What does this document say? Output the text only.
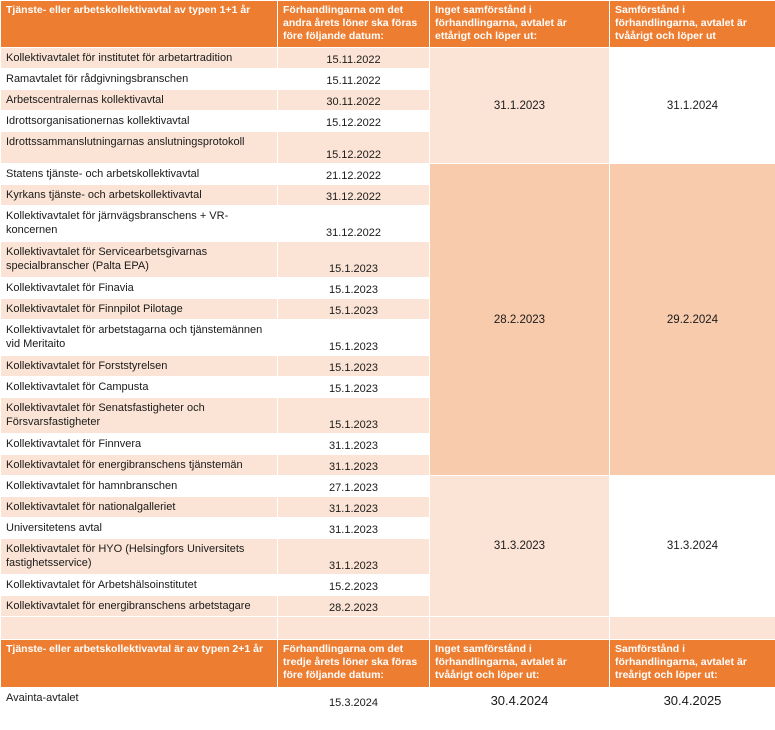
Tjänste- eller arbetskollektivavtal av typen 1+1 år	Förhandlingarna om det andra årets löner ska föras före följande datum:	Inget samförstånd i förhandlingarna, avtalet är ettårigt och löper ut:	Samförstånd i förhandlingarna, avtalet är tvåårigt och löper ut
Kollektivavtalet för institutet för arbetartradition	15.11.2022	31.1.2023	31.1.2024
Ramavtalet för rådgivningsbranschen	15.11.2022		
Arbetscentralernas kollektivavtal	30.11.2022		
Idrottsorganisationernas kollektivavtal	15.12.2022		
Idrottssammanslutningarnas anslutningsprotokoll	15.12.2022		
Statens tjänste- och arbetskollektivavtal	21.12.2022	28.2.2023	29.2.2024
Kyrkans tjänste- och arbetskollektivavtal	31.12.2022		
Kollektivavtalet för järnvägsbranschens + VR-koncernen	31.12.2022		
Kollektivavtalet för Servicearbetsgivarnas specialbranscher (Palta EPA)	15.1.2023		
Kollektivavtalet för Finavia	15.1.2023		
Kollektivavtalet för Finnpilot Pilotage	15.1.2023		
Kollektivavtalet för arbetstagarna och tjänstemännen vid Meritaito	15.1.2023		
Kollektivavtalet för Forststyrelsen	15.1.2023		
Kollektivavtalet för Campusta	15.1.2023		
Kollektivavtalet för Senatsfastigheter och Försvarsfastigheter	15.1.2023		
Kollektivavtalet för Finnvera	31.1.2023		
Kollektivavtalet för energibranschens tjänstemän	31.1.2023		
Kollektivavtalet för hamnbranschen	27.1.2023	31.3.2023	31.3.2024
Kollektivavtalet för nationalgalleriet	31.1.2023		
Universitetens avtal	31.1.2023		
Kollektivavtalet för HYO (Helsingfors Universitets fastighetsservice)	31.1.2023		
Kollektivavtalet för Arbetshälsoinstitutet	15.2.2023		
Kollektivavtalet för energibranschens arbetstagare	28.2.2023		

Tjänste- eller arbetskollektivavtal är av typen 2+1 år	Förhandlingarna om det tredje årets löner ska föras före följande datum:	Inget samförstånd i förhandlingarna, avtalet är tvåårigt och löper ut:	Samförstånd i förhandlingarna, avtalet är treårigt och löper ut:
Avainta-avtalet	15.3.2024	30.4.2024	30.4.2025
